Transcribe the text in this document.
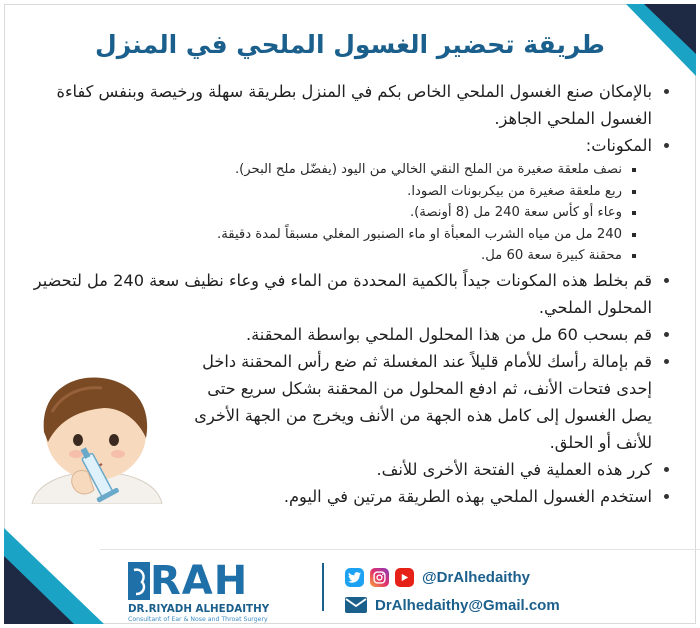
طريقة تحضير الغسول الملحي في المنزل
• بالإمكان صنع الغسول الملحي الخاص بكم في المنزل بطريقة سهلة ورخيصة وبنفس كفاءة الغسول الملحي الجاهز.
• المكونات:
▪ نصف ملعقة صغيرة من الملح النقي الخالي من اليود (يفضّل ملح البحر).
▪ ربع ملعقة صغيرة من بيكربونات الصودا.
▪ وعاء أو كأس سعة 240 مل (8 أونصة).
▪ 240 مل من مياه الشرب المعبأة او ماء الصنبور المغلي مسبقاً لمدة دقيقة.
▪ محقنة كبيرة سعة 60 مل.
• قم بخلط هذه المكونات جيداً بالكمية المحددة من الماء في وعاء نظيف سعة 240 مل لتحضير المحلول الملحي.
• قم بسحب 60 مل من هذا المحلول الملحي بواسطة المحقنة.
• قم بإمالة رأسك للأمام قليلاً عند المغسلة ثم ضع رأس المحقنة داخل إحدى فتحات الأنف، ثم ادفع المحلول من المحقنة بشكل سريع حتى يصل الغسول إلى كامل هذه الجهة من الأنف ويخرج من الجهة الأخرى للأنف أو الحلق.
• كرر هذه العملية في الفتحة الأخرى للأنف.
• استخدم الغسول الملحي بهذه الطريقة مرتين في اليوم.
RAH
DR.RIYADH ALHEDAITHY
Consultant of Ear & Nose and Throat Surgery
@DrAlhedaithy
DrAlhedaithy@Gmail.com
